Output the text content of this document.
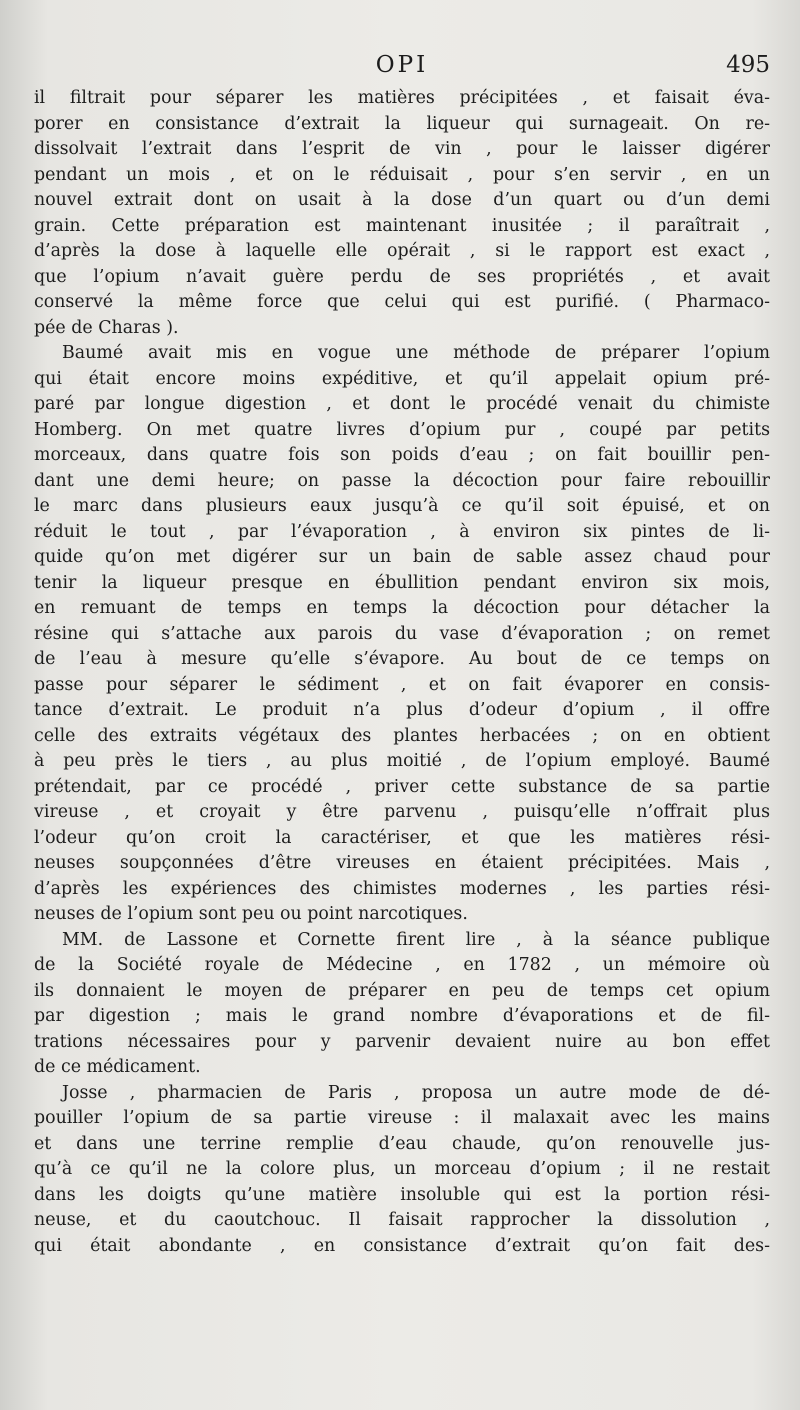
OPI	495
il filtrait pour séparer les matières précipitées , et faisait éva-
porer en consistance d’extrait la liqueur qui surnageait. On re-
dissolvait l’extrait dans l’esprit de vin , pour le laisser digérer
pendant un mois , et on le réduisait , pour s’en servir , en un
nouvel extrait dont on usait à la dose d’un quart ou d’un demi
grain. Cette préparation est maintenant inusitée ; il paraîtrait ,
d’après la dose à laquelle elle opérait , si le rapport est exact ,
que l’opium n’avait guère perdu de ses propriétés , et avait
conservé la même force que celui qui est purifié. ( Pharmaco-
pée de Charas ).
Baumé avait mis en vogue une méthode de préparer l’opium
qui était encore moins expéditive, et qu’il appelait opium pré-
paré par longue digestion , et dont le procédé venait du chimiste
Homberg. On met quatre livres d’opium pur , coupé par petits
morceaux, dans quatre fois son poids d’eau ; on fait bouillir pen-
dant une demi heure; on passe la décoction pour faire rebouillir
le marc dans plusieurs eaux jusqu’à ce qu’il soit épuisé, et on
réduit le tout , par l’évaporation , à environ six pintes de li-
quide qu’on met digérer sur un bain de sable assez chaud pour
tenir la liqueur presque en ébullition pendant environ six mois,
en remuant de temps en temps la décoction pour détacher la
résine qui s’attache aux parois du vase d’évaporation ; on remet
de l’eau à mesure qu’elle s’évapore. Au bout de ce temps on
passe pour séparer le sédiment , et on fait évaporer en consis-
tance d’extrait. Le produit n’a plus d’odeur d’opium , il offre
celle des extraits végétaux des plantes herbacées ; on en obtient
à peu près le tiers , au plus moitié , de l’opium employé. Baumé
prétendait, par ce procédé , priver cette substance de sa partie
vireuse , et croyait y être parvenu , puisqu’elle n’offrait plus
l’odeur qu’on croit la caractériser, et que les matières rési-
neuses soupçonnées d’être vireuses en étaient précipitées. Mais ,
d’après les expériences des chimistes modernes , les parties rési-
neuses de l’opium sont peu ou point narcotiques.
MM. de Lassone et Cornette firent lire , à la séance publique
de la Société royale de Médecine , en 1782 , un mémoire où
ils donnaient le moyen de préparer en peu de temps cet opium
par digestion ; mais le grand nombre d’évaporations et de fil-
trations nécessaires pour y parvenir devaient nuire au bon effet
de ce médicament.
Josse , pharmacien de Paris , proposa un autre mode de dé-
pouiller l’opium de sa partie vireuse : il malaxait avec les mains
et dans une terrine remplie d’eau chaude, qu’on renouvelle jus-
qu’à ce qu’il ne la colore plus, un morceau d’opium ; il ne restait
dans les doigts qu’une matière insoluble qui est la portion rési-
neuse, et du caoutchouc. Il faisait rapprocher la dissolution ,
qui était abondante , en consistance d’extrait qu’on fait des-
